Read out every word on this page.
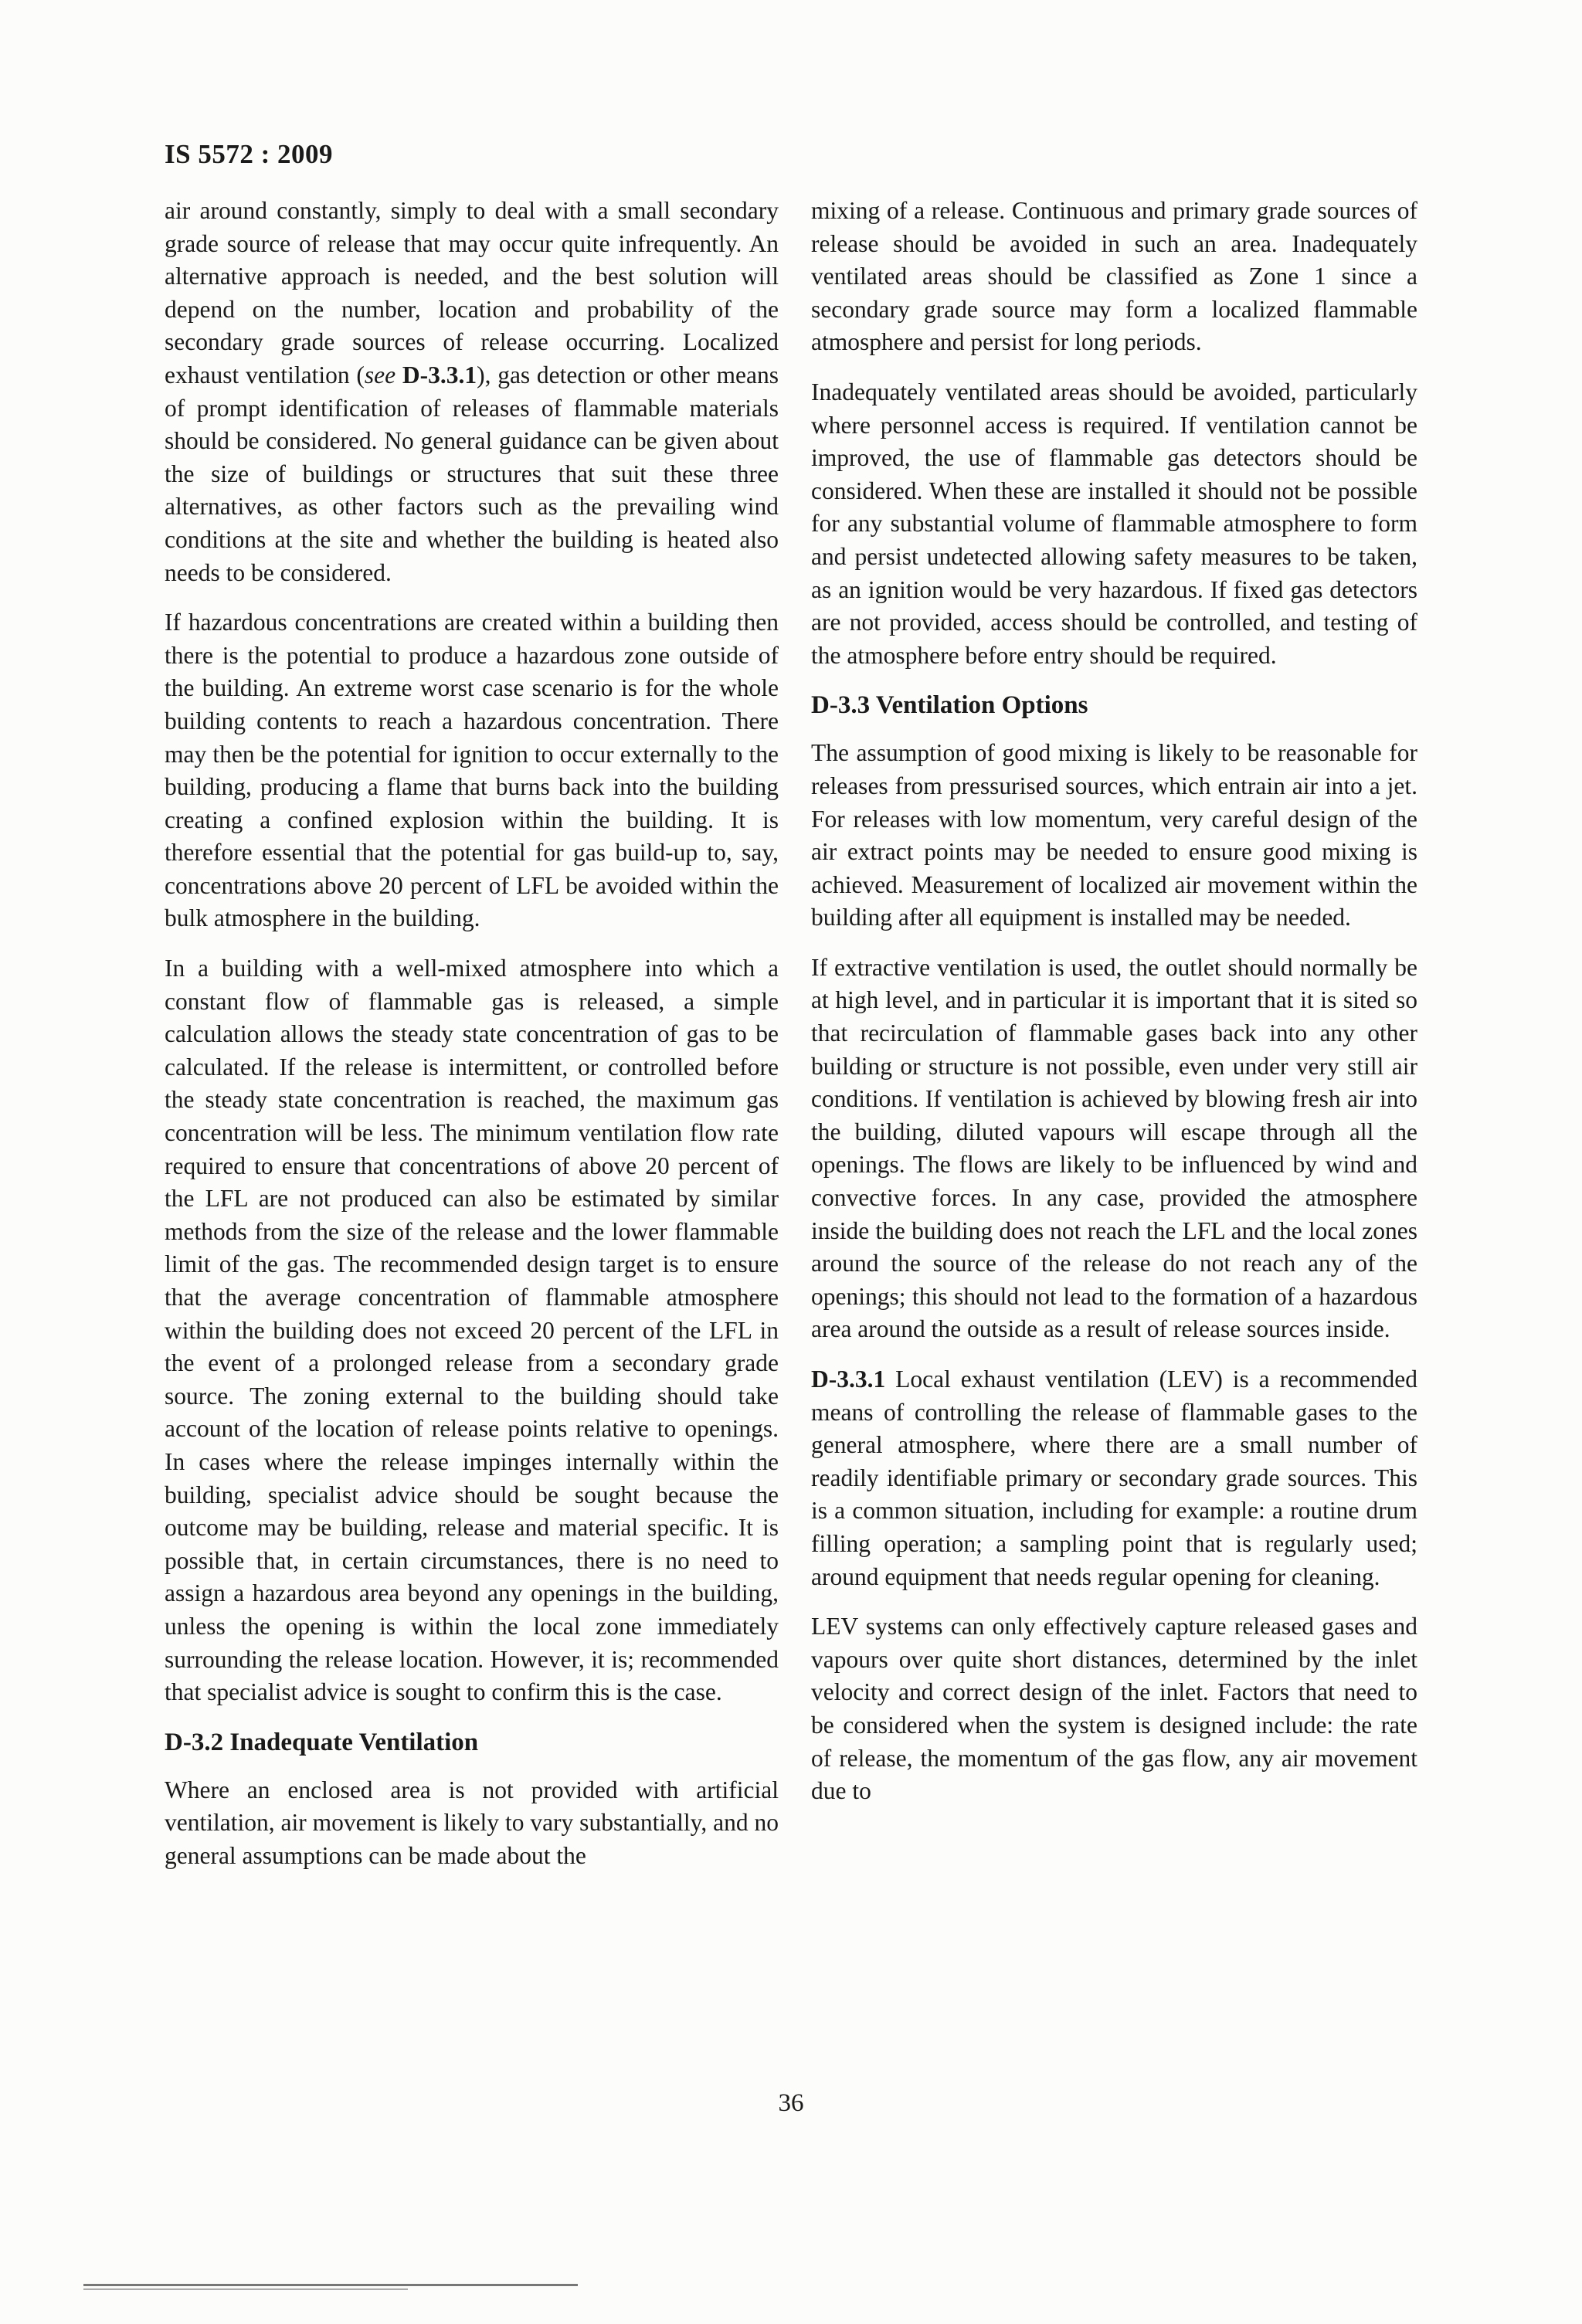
IS 5572 : 2009

air around constantly, simply to deal with a small secondary grade source of release that may occur quite infrequently. An alternative approach is needed, and the best solution will depend on the number, location and probability of the secondary grade sources of release occurring. Localized exhaust ventilation (see D-3.3.1), gas detection or other means of prompt identification of releases of flammable materials should be considered. No general guidance can be given about the size of buildings or structures that suit these three alternatives, as other factors such as the prevailing wind conditions at the site and whether the building is heated also needs to be considered.

If hazardous concentrations are created within a building then there is the potential to produce a hazardous zone outside of the building. An extreme worst case scenario is for the whole building contents to reach a hazardous concentration. There may then be the potential for ignition to occur externally to the building, producing a flame that burns back into the building creating a confined explosion within the building. It is therefore essential that the potential for gas build-up to, say, concentrations above 20 percent of LFL be avoided within the bulk atmosphere in the building.

In a building with a well-mixed atmosphere into which a constant flow of flammable gas is released, a simple calculation allows the steady state concentration of gas to be calculated. If the release is intermittent, or controlled before the steady state concentration is reached, the maximum gas concentration will be less. The minimum ventilation flow rate required to ensure that concentrations of above 20 percent of the LFL are not produced can also be estimated by similar methods from the size of the release and the lower flammable limit of the gas. The recommended design target is to ensure that the average concentration of flammable atmosphere within the building does not exceed 20 percent of the LFL in the event of a prolonged release from a secondary grade source. The zoning external to the building should take account of the location of release points relative to openings. In cases where the release impinges internally within the building, specialist advice should be sought because the outcome may be building, release and material specific. It is possible that, in certain circumstances, there is no need to assign a hazardous area beyond any openings in the building, unless the opening is within the local zone immediately surrounding the release location. However, it is; recommended that specialist advice is sought to confirm this is the case.

D-3.2 Inadequate Ventilation

Where an enclosed area is not provided with artificial ventilation, air movement is likely to vary substantially, and no general assumptions can be made about the

mixing of a release. Continuous and primary grade sources of release should be avoided in such an area. Inadequately ventilated areas should be classified as Zone 1 since a secondary grade source may form a localized flammable atmosphere and persist for long periods.

Inadequately ventilated areas should be avoided, particularly where personnel access is required. If ventilation cannot be improved, the use of flammable gas detectors should be considered. When these are installed it should not be possible for any substantial volume of flammable atmosphere to form and persist undetected allowing safety measures to be taken, as an ignition would be very hazardous. If fixed gas detectors are not provided, access should be controlled, and testing of the atmosphere before entry should be required.

D-3.3 Ventilation Options

The assumption of good mixing is likely to be reasonable for releases from pressurised sources, which entrain air into a jet. For releases with low momentum, very careful design of the air extract points may be needed to ensure good mixing is achieved. Measurement of localized air movement within the building after all equipment is installed may be needed.

If extractive ventilation is used, the outlet should normally be at high level, and in particular it is important that it is sited so that recirculation of flammable gases back into any other building or structure is not possible, even under very still air conditions. If ventilation is achieved by blowing fresh air into the building, diluted vapours will escape through all the openings. The flows are likely to be influenced by wind and convective forces. In any case, provided the atmosphere inside the building does not reach the LFL and the local zones around the source of the release do not reach any of the openings; this should not lead to the formation of a hazardous area around the outside as a result of release sources inside.

D-3.3.1 Local exhaust ventilation (LEV) is a recommended means of controlling the release of flammable gases to the general atmosphere, where there are a small number of readily identifiable primary or secondary grade sources. This is a common situation, including for example: a routine drum filling operation; a sampling point that is regularly used; around equipment that needs regular opening for cleaning.

LEV systems can only effectively capture released gases and vapours over quite short distances, determined by the inlet velocity and correct design of the inlet. Factors that need to be considered when the system is designed include: the rate of release, the momentum of the gas flow, any air movement due to

36
